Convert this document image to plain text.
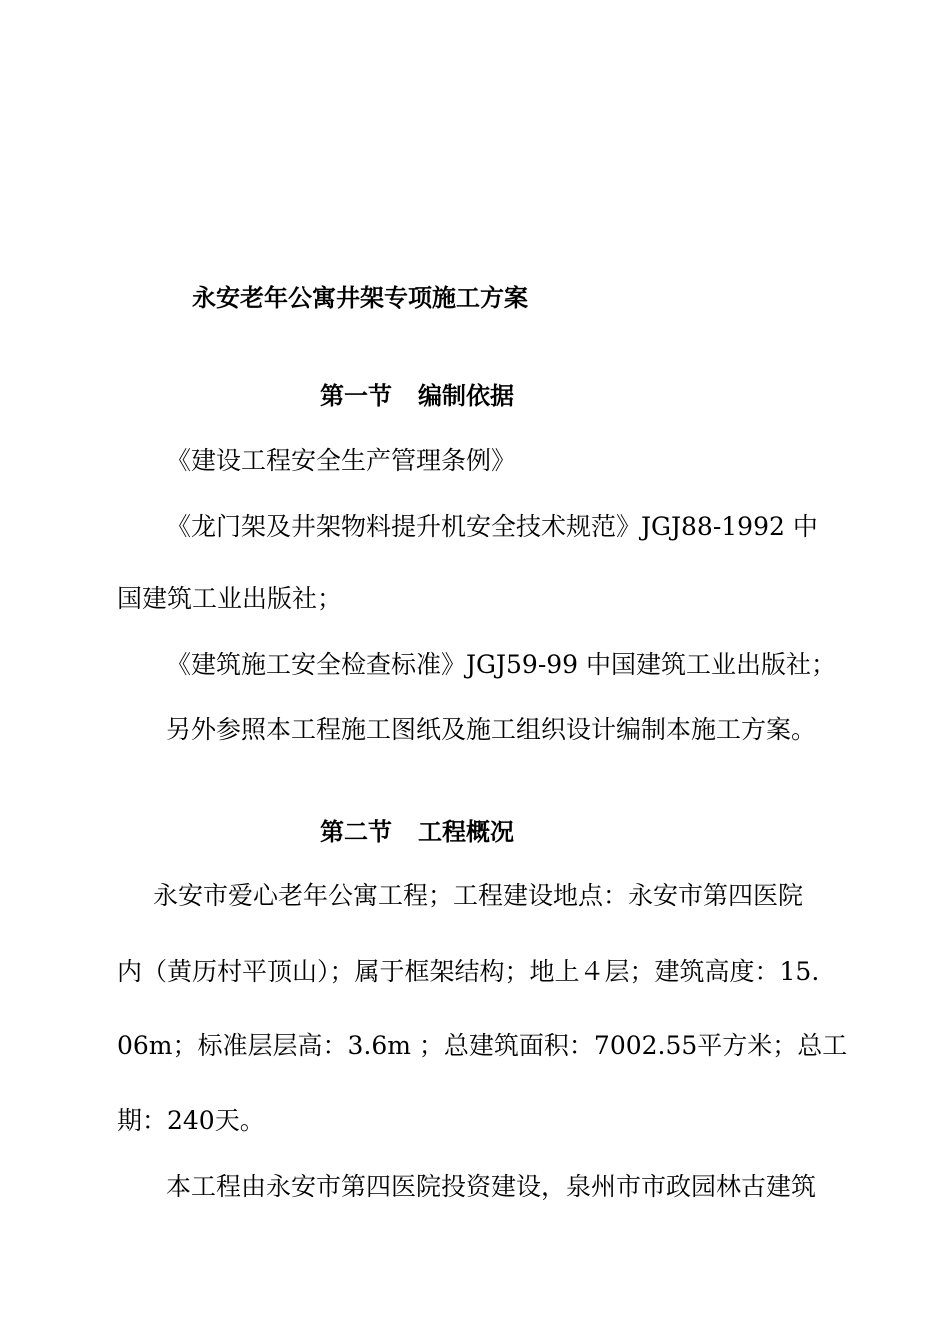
永安老年公寓井架专项施工方案
第一节 编制依据
《建设工程安全生产管理条例》
《龙门架及井架物料提升机安全技术规范》JGJ88-1992 中
国建筑工业出版社；
《建筑施工安全检查标准》JGJ59-99 中国建筑工业出版社；
另外参照本工程施工图纸及施工组织设计编制本施工方案。
第二节 工程概况
永安市爱心老年公寓工程；工程建设地点：永安市第四医院
内（黄历村平顶山）；属于框架结构；地上４层；建筑高度：15.
06m；标准层层高：3.6m ；总建筑面积：7002.55平方米；总工
期：240天。
本工程由永安市第四医院投资建设，泉州市市政园林古建筑
